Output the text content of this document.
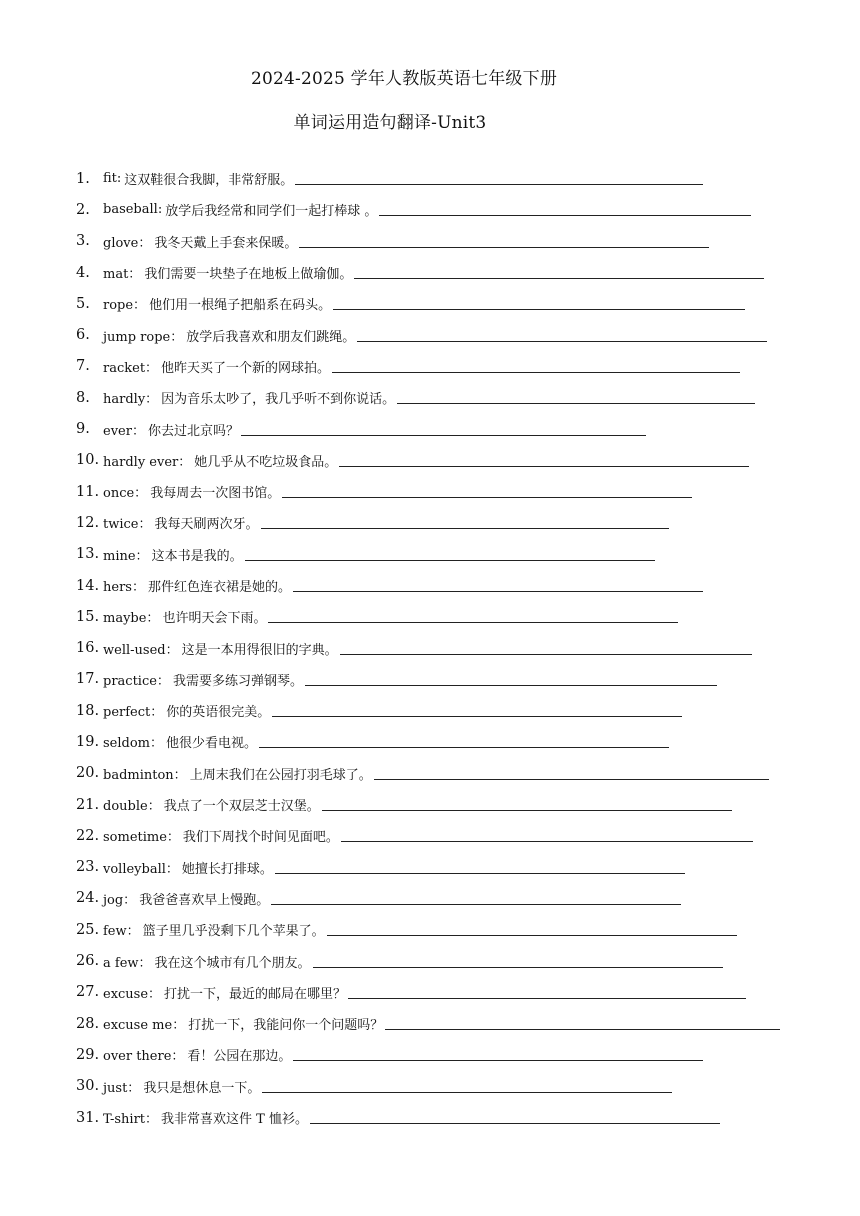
2024-2025 学年人教版英语七年级下册
单词运用造句翻译-Unit3
1.	fit: 这双鞋很合我脚，非常舒服。
2.	baseball: 放学后我经常和同学们一起打棒球 。
3.	glove： 我冬天戴上手套来保暖。
4.	mat： 我们需要一块垫子在地板上做瑜伽。
5.	rope： 他们用一根绳子把船系在码头。
6.	jump rope： 放学后我喜欢和朋友们跳绳。
7.	racket： 他昨天买了一个新的网球拍。
8.	hardly： 因为音乐太吵了，我几乎听不到你说话。
9.	ever： 你去过北京吗？
10. hardly ever： 她几乎从不吃垃圾食品。
11. once： 我每周去一次图书馆。
12. twice： 我每天刷两次牙。
13. mine： 这本书是我的。
14. hers： 那件红色连衣裙是她的。
15. maybe： 也许明天会下雨。
16. well-used： 这是一本用得很旧的字典。
17. practice： 我需要多练习弹钢琴。
18. perfect： 你的英语很完美。
19. seldom： 他很少看电视。
20. badminton： 上周末我们在公园打羽毛球了。
21. double： 我点了一个双层芝士汉堡。
22. sometime： 我们下周找个时间见面吧。
23. volleyball： 她擅长打排球。
24. jog： 我爸爸喜欢早上慢跑。
25. few： 篮子里几乎没剩下几个苹果了。
26. a few： 我在这个城市有几个朋友。
27. excuse： 打扰一下，最近的邮局在哪里？
28. excuse me： 打扰一下，我能问你一个问题吗？
29. over there： 看！公园在那边。
30. just： 我只是想休息一下。
31. T-shirt： 我非常喜欢这件 T 恤衫。
